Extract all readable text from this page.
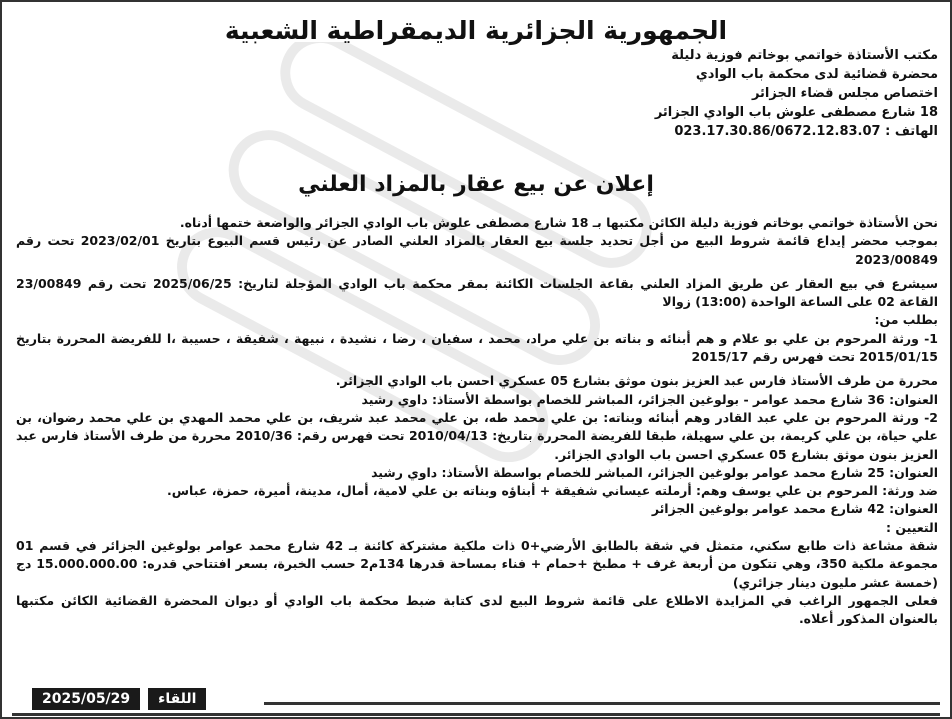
الجمهورية الجزائرية الديمقراطية الشعبية
مكتب الأستاذة خواتمي بوخاتم فوزية دليلة
محضرة قضائية لدى محكمة باب الوادي
اختصاص مجلس قضاء الجزائر
18 شارع مصطفى علوش باب الوادي الجزائر
الهاتف : 023.17.30.86/0672.12.83.07
إعلان عن بيع عقار بالمزاد العلني

نحن الأستاذة خواتمي بوخاتم فوزية دليلة الكائن مكتبها بـ 18 شارع مصطفى علوش باب الوادي الجزائر والواضعة ختمها أدناه.

بموجب محضر إيداع قائمة شروط البيع من أجل تحديد جلسة بيع العقار بالمزاد العلني الصادر عن رئيس قسم البيوع بتاريخ 2023/02/01 تحت رقم 2023/00849

سيشرع في بيع العقار عن طريق المزاد العلني بقاعة الجلسات الكائنة بمقر محكمة باب الوادي المؤجلة لتاريخ: 2025/06/25 تحت رقم 23/00849 القاعة 02 على الساعة الواحدة (13:00) زوالا

بطلب من:

1- ورثة المرحوم بن علي بو علام و هم أبنائه و بناته بن علي مراد، محمد ، سفيان ، رضا ، نشيدة ، نبيهة ، شفيقة ، حسيبة ،ا للفريضة المحررة بتاريخ 2015/01/15 تحت فهرس رقم 2015/17

محررة من طرف الأستاذ فارس عبد العزيز بنون موثق بشارع 05 عسكري احسن باب الوادي الجزائر.

العنوان: 36 شارع محمد عوامر - بولوغين الجزائر، المباشر للخصام بواسطة الأستاذ: داوي رشيد

2- ورثة المرحوم بن علي عبد القادر وهم أبنائه وبناته: بن علي محمد طه، بن علي محمد عبد شريف، بن علي محمد المهدي بن علي محمد رضوان، بن علي حياة، بن علي كريمة، بن علي سهيلة، طبقا للفريضة المحررة بتاريخ: 2010/04/13 تحت فهرس رقم: 2010/36 محررة من طرف الأستاذ فارس عبد العزيز بنون موثق بشارع 05 عسكري احسن باب الوادي الجزائر.

العنوان: 25 شارع محمد عوامر بولوغين الجزائر، المباشر للخصام بواسطة الأستاذ: داوي رشيد

ضد ورثة: المرحوم بن علي يوسف وهم: أرملته عيساني شفيقة + أبناؤه وبناته بن علي لامية، أمال، مدينة، أميرة، حمزة، عباس.

العنوان: 42 شارع محمد عوامر بولوغين الجزائر

التعيين :

شقة مشاعة ذات طابع سكني، متمثل في شقة بالطابق الأرضي+0 ذات ملكية مشتركة كائنة بـ 42 شارع محمد عوامر بولوغين الجزائر في قسم 01 مجموعة ملكية 350، وهي تتكون من أربعة غرف + مطبخ +حمام + فناء بمساحة قدرها 134م2 حسب الخبرة، بسعر افتتاحي قدره: 15.000.000.00 دج (خمسة عشر مليون دينار جزائري)

فعلى الجمهور الراغب في المزايدة الاطلاع على قائمة شروط البيع لدى كتابة ضبط محكمة باب الوادي أو ديوان المحضرة القضائية الكائن مكتبها بالعنوان المذكور أعلاه.

اللقاء
2025/05/29
